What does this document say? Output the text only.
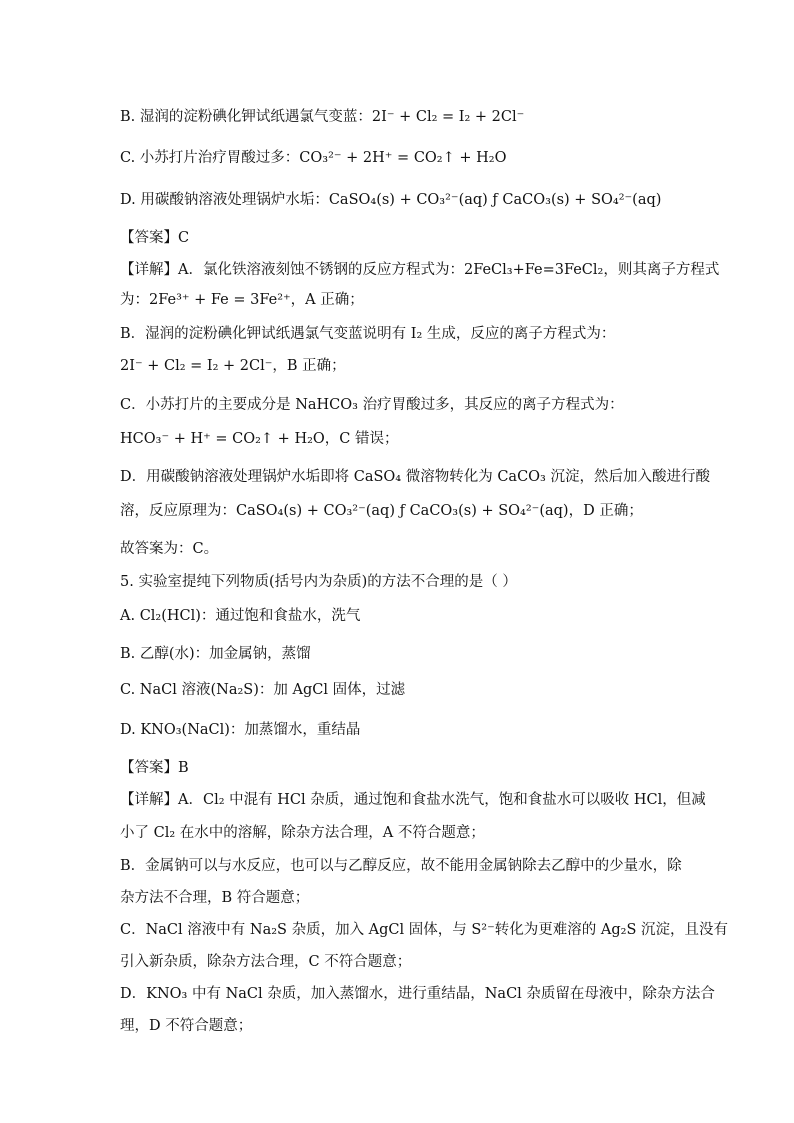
B. 湿润的淀粉碘化钾试纸遇氯气变蓝：2I⁻ + Cl₂ = I₂ + 2Cl⁻
C. 小苏打片治疗胃酸过多：CO₃²⁻ + 2H⁺ = CO₂↑ + H₂O
D. 用碳酸钠溶液处理锅炉水垢：CaSO₄(s) + CO₃²⁻(aq) ƒ CaCO₃(s) + SO₄²⁻(aq)
【答案】C
【详解】A．氯化铁溶液刻蚀不锈钢的反应方程式为：2FeCl₃+Fe=3FeCl₂，则其离子方程式
为：2Fe³⁺ + Fe = 3Fe²⁺，A 正确；
B．湿润的淀粉碘化钾试纸遇氯气变蓝说明有 I₂ 生成，反应的离子方程式为：
2I⁻ + Cl₂ = I₂ + 2Cl⁻，B 正确；
C．小苏打片的主要成分是 NaHCO₃ 治疗胃酸过多，其反应的离子方程式为：
HCO₃⁻ + H⁺ = CO₂↑ + H₂O，C 错误；
D．用碳酸钠溶液处理锅炉水垢即将 CaSO₄ 微溶物转化为 CaCO₃ 沉淀，然后加入酸进行酸
溶，反应原理为：CaSO₄(s) + CO₃²⁻(aq) ƒ CaCO₃(s) + SO₄²⁻(aq)，D 正确；
故答案为：C。
5. 实验室提纯下列物质(括号内为杂质)的方法不合理的是（ ）
A. Cl₂(HCl)：通过饱和食盐水，洗气
B. 乙醇(水)：加金属钠，蒸馏
C. NaCl 溶液(Na₂S)：加 AgCl 固体，过滤
D. KNO₃(NaCl)：加蒸馏水，重结晶
【答案】B
【详解】A．Cl₂ 中混有 HCl 杂质，通过饱和食盐水洗气，饱和食盐水可以吸收 HCl，但减
小了 Cl₂ 在水中的溶解，除杂方法合理，A 不符合题意；
B．金属钠可以与水反应，也可以与乙醇反应，故不能用金属钠除去乙醇中的少量水，除
杂方法不合理，B 符合题意；
C．NaCl 溶液中有 Na₂S 杂质，加入 AgCl 固体，与 S²⁻转化为更难溶的 Ag₂S 沉淀，且没有
引入新杂质，除杂方法合理，C 不符合题意；
D．KNO₃ 中有 NaCl 杂质，加入蒸馏水，进行重结晶，NaCl 杂质留在母液中，除杂方法合
理，D 不符合题意；
